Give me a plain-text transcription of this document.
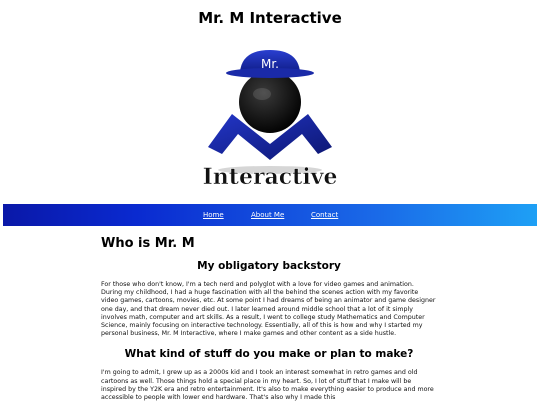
Mr. M Interactive
Mr.
Interactive
Home	About Me	Contact
Who is Mr. M
My obligatory backstory

For those who don't know, I'm a tech nerd and polyglot with a love for video games and animation. During my childhood, I had a huge fascination with all the behind the scenes action with my favorite video games, cartoons, movies, etc. At some point I had dreams of being an animator and game designer one day, and that dream never died out. I later learned around middle school that a lot of it simply involves math, computer and art skills. As a result, I went to college study Mathematics and Computer Science, mainly focusing on interactive technology. Essentially, all of this is how and why I started my personal business, Mr. M Interactive, where I make games and other content as a side hustle.

What kind of stuff do you make or plan to make?

I'm going to admit, I grew up as a 2000s kid and I took an interest somewhat in retro games and old cartoons as well. Those things hold a special place in my heart. So, I lot of stuff that I make will be inspired by the Y2K era and retro entertainment. It's also to make everything easier to produce and more accessible to people with lower end hardware. That's also why I made this
